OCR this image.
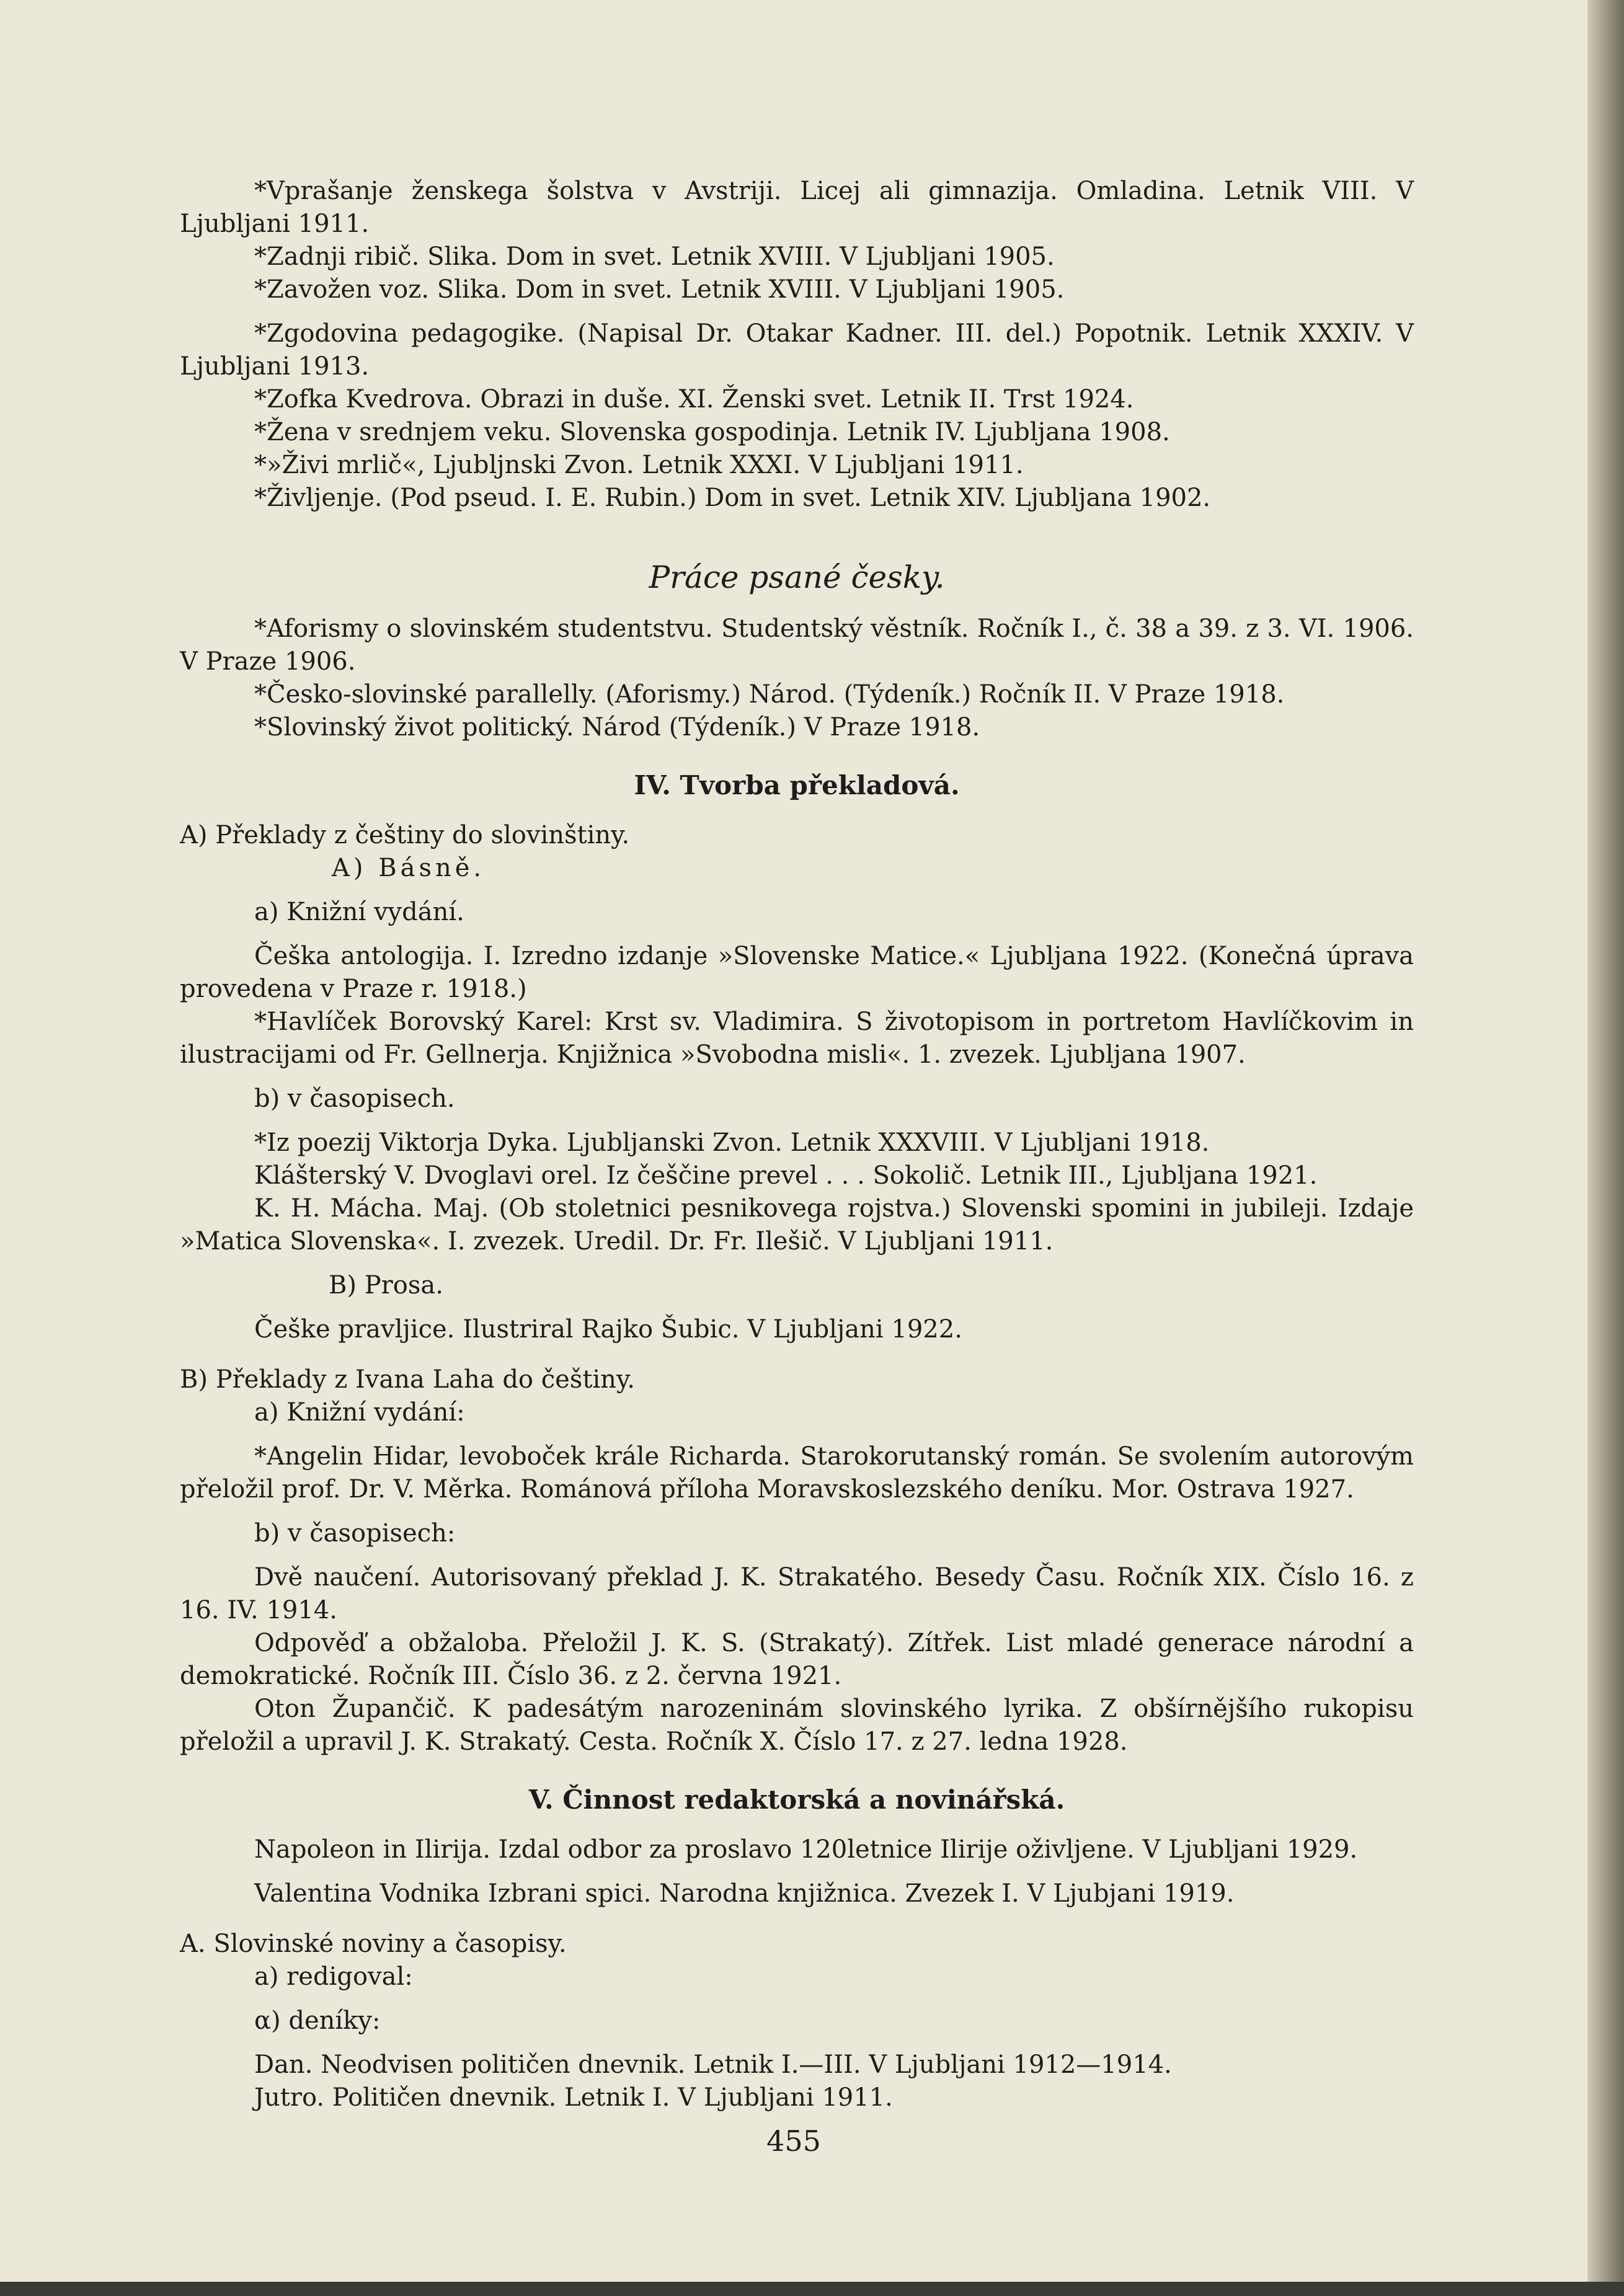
*Vprašanje ženskega šolstva v Avstriji. Licej ali gimnazija. Omladina. Letnik VIII. V Ljubljani 1911.

*Zadnji ribič. Slika. Dom in svet. Letnik XVIII. V Ljubljani 1905.

*Zavožen voz. Slika. Dom in svet. Letnik XVIII. V Ljubljani 1905.

*Zgodovina pedagogike. (Napisal Dr. Otakar Kadner. III. del.) Popotnik. Letnik XXXIV. V Ljubljani 1913.

*Zofka Kvedrova. Obrazi in duše. XI. Ženski svet. Letnik II. Trst 1924.

*Žena v srednjem veku. Slovenska gospodinja. Letnik IV. Ljubljana 1908.

*»Živi mrlič«, Ljubljnski Zvon. Letnik XXXI. V Ljubljani 1911.

*Življenje. (Pod pseud. I. E. Rubin.) Dom in svet. Letnik XIV. Ljubljana 1902.

Práce psané česky.

*Aforismy o slovinském studentstvu. Studentský věstník. Ročník I., č. 38 a 39. z 3. VI. 1906. V Praze 1906.

*Česko-slovinské parallelly. (Aforismy.) Národ. (Týdeník.) Ročník II. V Praze 1918.

*Slovinský život politický. Národ (Týdeník.) V Praze 1918.

IV. Tvorba překladová.

A) Překlady z češtiny do slovinštiny.

A) Básně.

a) Knižní vydání.

Češka antologija. I. Izredno izdanje »Slovenske Matice.« Ljubljana 1922. (Konečná úprava provedena v Praze r. 1918.)

*Havlíček Borovský Karel: Krst sv. Vladimira. S životopisom in portretom Havlíčkovim in ilustracijami od Fr. Gellnerja. Knjižnica »Svobodna misli«. 1. zvezek. Ljubljana 1907.

b) v časopisech.

*Iz poezij Viktorja Dyka. Ljubljanski Zvon. Letnik XXXVIII. V Ljubljani 1918.

Klášterský V. Dvoglavi orel. Iz češčine prevel . . . Sokolič. Letnik III., Ljubljana 1921.

K. H. Mácha. Maj. (Ob stoletnici pesnikovega rojstva.) Slovenski spomini in jubileji. Izdaje »Matica Slovenska«. I. zvezek. Uredil. Dr. Fr. Ilešič. V Ljubljani 1911.

B) Prosa.

Češke pravljice. Ilustriral Rajko Šubic. V Ljubljani 1922.

B) Překlady z Ivana Laha do češtiny.

a) Knižní vydání:

*Angelin Hidar, levoboček krále Richarda. Starokorutanský román. Se svolením autorovým přeložil prof. Dr. V. Měrka. Románová příloha Moravskoslezského deníku. Mor. Ostrava 1927.

b) v časopisech:

Dvě naučení. Autorisovaný překlad J. K. Strakatého. Besedy Času. Ročník XIX. Číslo 16. z 16. IV. 1914.

Odpověď a obžaloba. Přeložil J. K. S. (Strakatý). Zítřek. List mladé generace národní a demokratické. Ročník III. Číslo 36. z 2. června 1921.

Oton Župančič. K padesátým narozeninám slovinského lyrika. Z obšírnějšího rukopisu přeložil a upravil J. K. Strakatý. Cesta. Ročník X. Číslo 17. z 27. ledna 1928.

V. Činnost redaktorská a novinářská.

Napoleon in Ilirija. Izdal odbor za proslavo 120letnice Ilirije oživljene. V Ljubljani 1929.

Valentina Vodnika Izbrani spici. Narodna knjižnica. Zvezek I. V Ljubjani 1919.

A. Slovinské noviny a časopisy.

a) redigoval:

α) deníky:

Dan. Neodvisen političen dnevnik. Letnik I.—III. V Ljubljani 1912—1914.

Jutro. Političen dnevnik. Letnik I. V Ljubljani 1911.

455
